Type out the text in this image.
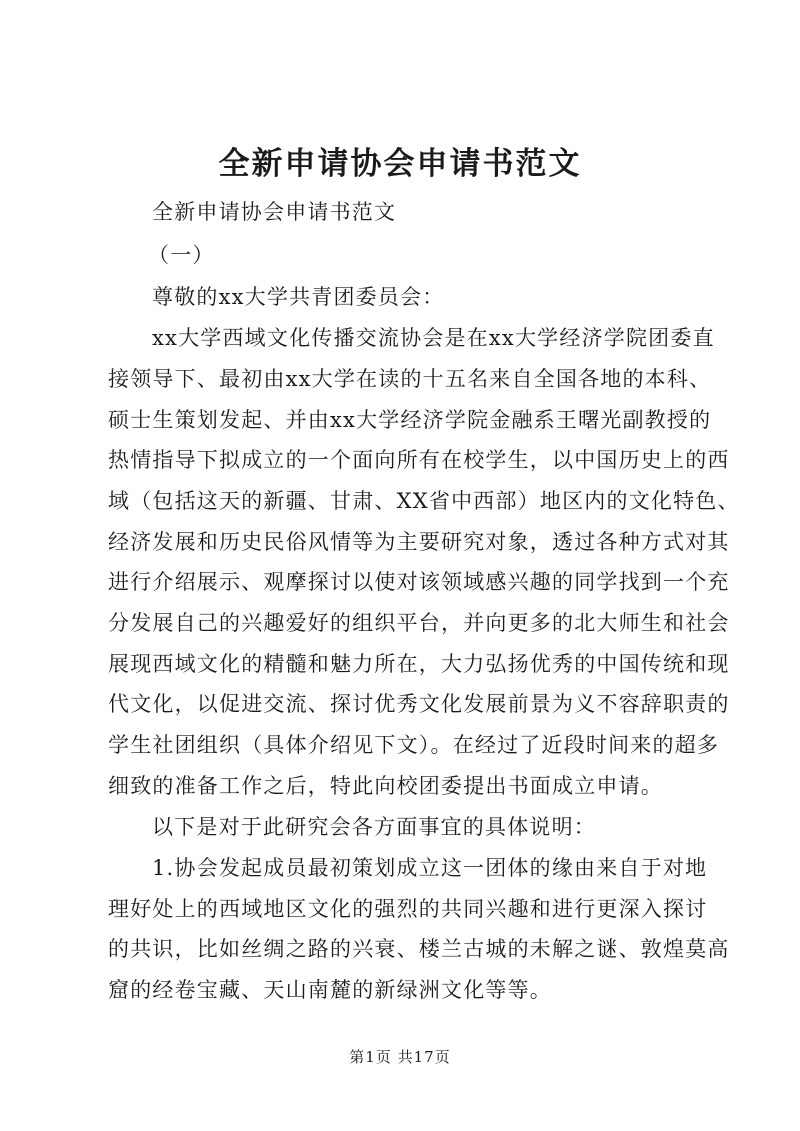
全新申请协会申请书范文
全新申请协会申请书范文
（一）
尊敬的xx大学共青团委员会：
xx大学西域文化传播交流协会是在xx大学经济学院团委直
接领导下、最初由xx大学在读的十五名来自全国各地的本科、
硕士生策划发起、并由xx大学经济学院金融系王曙光副教授的
热情指导下拟成立的一个面向所有在校学生，以中国历史上的西
域（包括这天的新疆、甘肃、XX省中西部）地区内的文化特色、
经济发展和历史民俗风情等为主要研究对象，透过各种方式对其
进行介绍展示、观摩探讨以使对该领域感兴趣的同学找到一个充
分发展自己的兴趣爱好的组织平台，并向更多的北大师生和社会
展现西域文化的精髓和魅力所在，大力弘扬优秀的中国传统和现
代文化，以促进交流、探讨优秀文化发展前景为义不容辞职责的
学生社团组织（具体介绍见下文）。在经过了近段时间来的超多
细致的准备工作之后，特此向校团委提出书面成立申请。
以下是对于此研究会各方面事宜的具体说明：
1.协会发起成员最初策划成立这一团体的缘由来自于对地
理好处上的西域地区文化的强烈的共同兴趣和进行更深入探讨
的共识，比如丝绸之路的兴衰、楼兰古城的未解之谜、敦煌莫高
窟的经卷宝藏、天山南麓的新绿洲文化等等。
第1页 共17页
